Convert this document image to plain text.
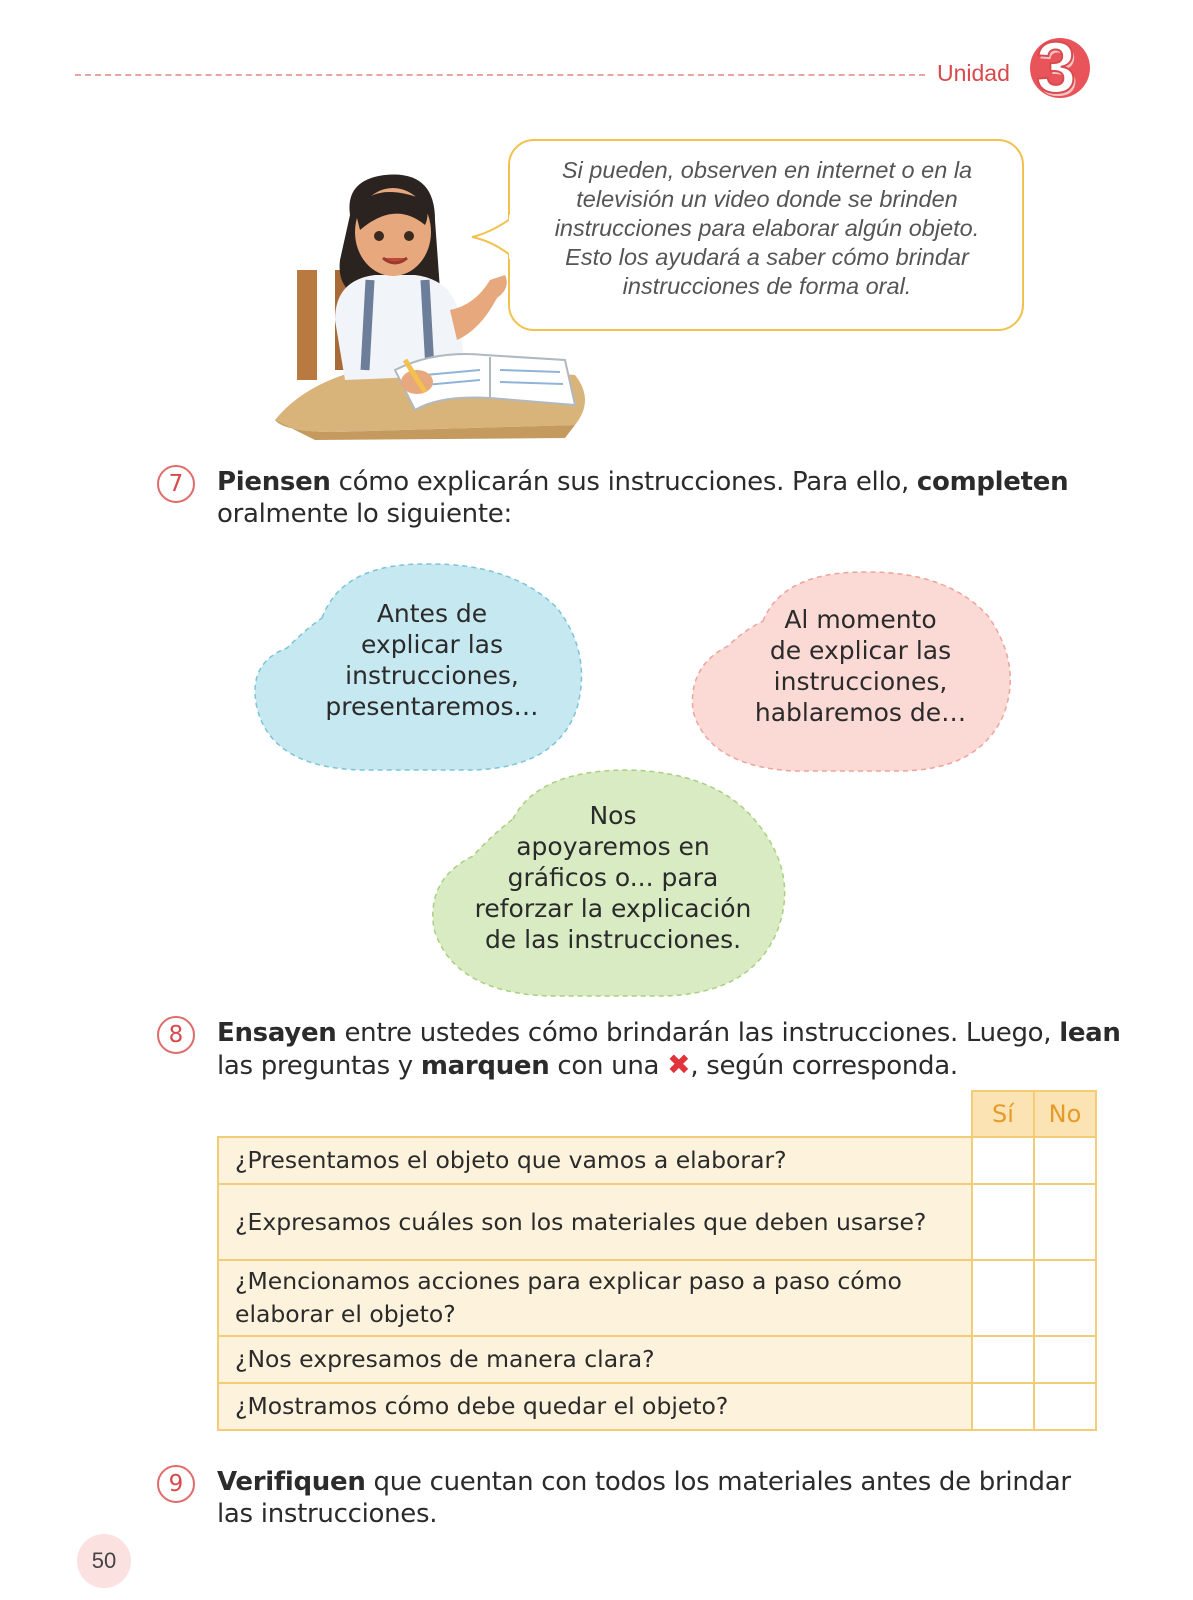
Unidad 3
Si pueden, observen en internet o en la
televisión un video donde se brinden
instrucciones para elaborar algún objeto.
Esto los ayudará a saber cómo brindar
instrucciones de forma oral.
7	Piensen cómo explicarán sus instrucciones. Para ello, completen
oralmente lo siguiente:
Antes de
explicar las
instrucciones,
presentaremos…
Al momento
de explicar las
instrucciones,
hablaremos de…
Nos
apoyaremos en
gráficos o... para
reforzar la explicación
de las instrucciones.
8	Ensayen entre ustedes cómo brindarán las instrucciones. Luego, lean
las preguntas y marquen con una ✖, según corresponda.
	Sí	No
¿Presentamos el objeto que vamos a elaborar?		
¿Expresamos cuáles son los materiales que deben usarse?		
¿Mencionamos acciones para explicar paso a paso cómo elaborar el objeto?		
¿Nos expresamos de manera clara?		
¿Mostramos cómo debe quedar el objeto?		
9	Verifiquen que cuentan con todos los materiales antes de brindar
las instrucciones.
50
